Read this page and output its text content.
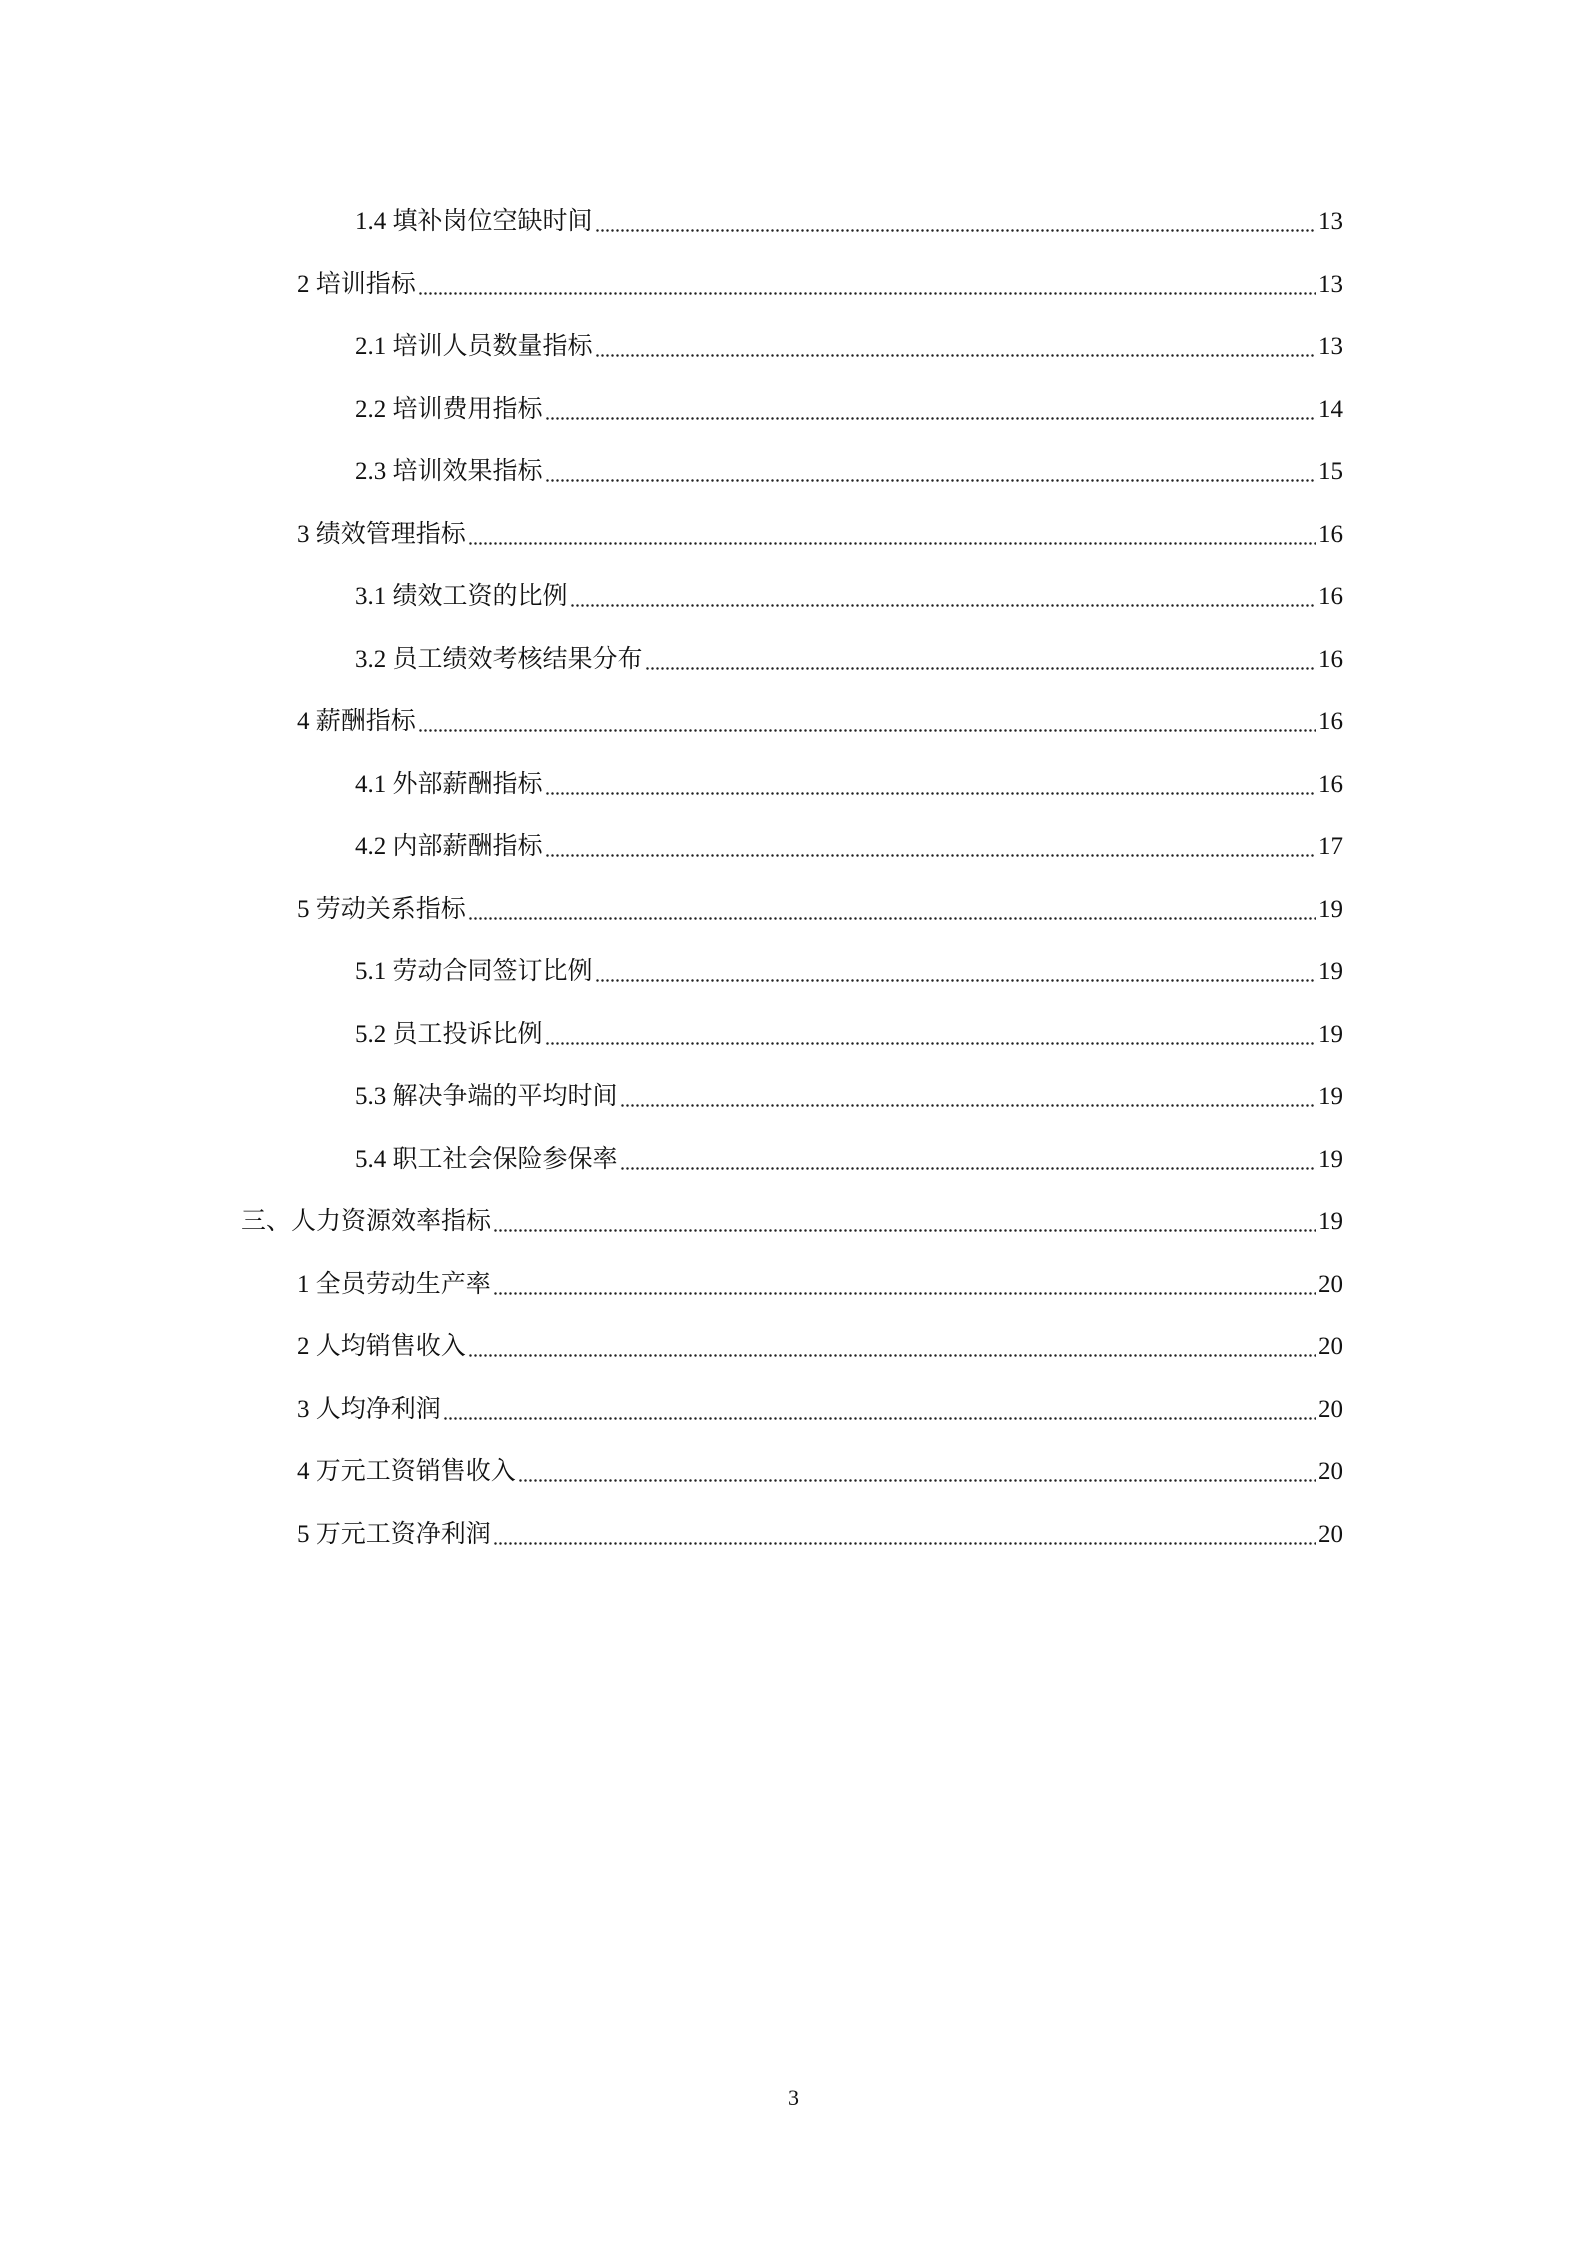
1.4 填补岗位空缺时间	13
2 培训指标	13
2.1 培训人员数量指标	13
2.2 培训费用指标	14
2.3 培训效果指标	15
3 绩效管理指标	16
3.1 绩效工资的比例	16
3.2 员工绩效考核结果分布	16
4 薪酬指标	16
4.1 外部薪酬指标	16
4.2 内部薪酬指标	17
5 劳动关系指标	19
5.1 劳动合同签订比例	19
5.2 员工投诉比例	19
5.3 解决争端的平均时间	19
5.4 职工社会保险参保率	19
三、人力资源效率指标	19
1 全员劳动生产率	20
2 人均销售收入	20
3 人均净利润	20
4 万元工资销售收入	20
5 万元工资净利润	20
3
